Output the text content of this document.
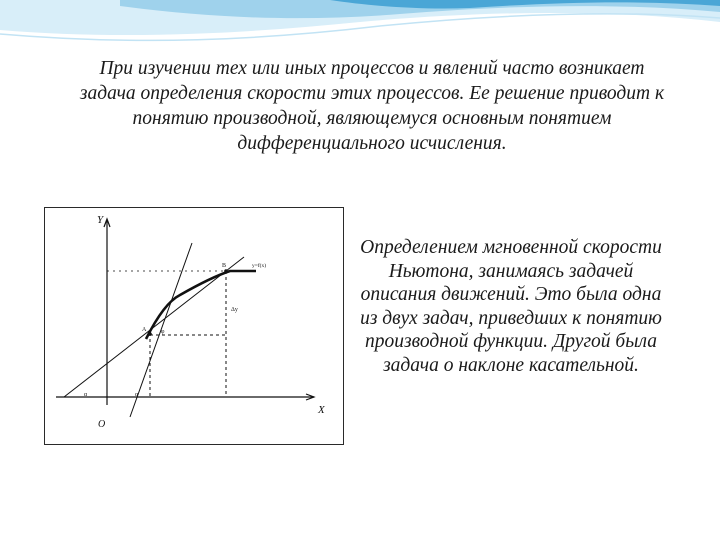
При изучении тех или иных процессов и явлений часто возникает задача определения скорости этих процессов. Ее решение приводит к понятию производной, являющемуся основным понятием дифференциального исчисления.

Y
X
O
y=f(x)
B
A
Δy
α	α
φ

Определением мгновенной скорости Ньютона, занимаясь задачей описания движений. Это была одна из двух задач, приведших к понятию производной функции. Другой была задача о наклоне касательной.
